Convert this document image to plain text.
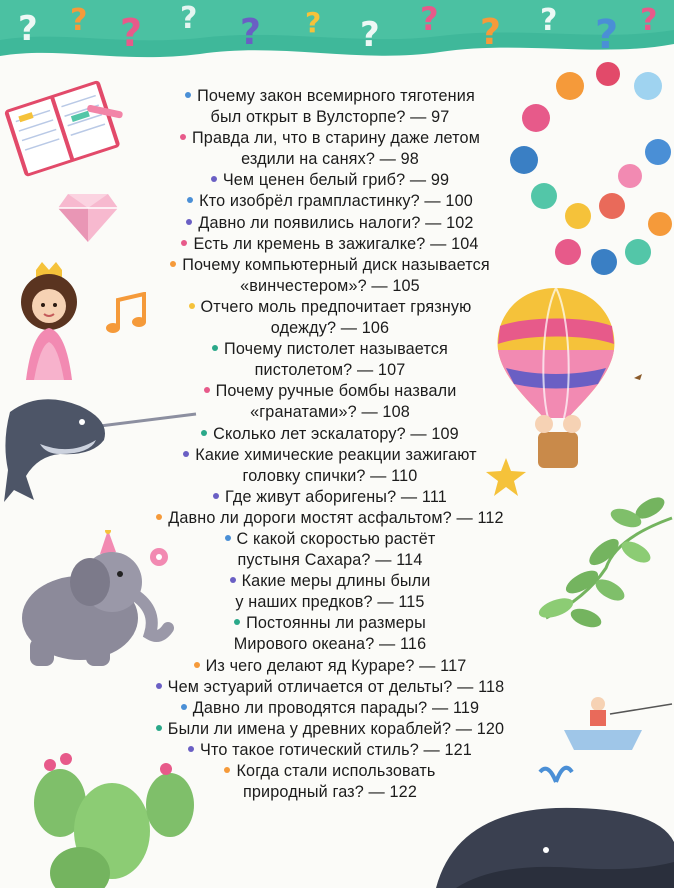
? ? ? ? ? ? ? ? ? ? ? ?
Почему закон всемирного тяготения
был открыт в Вулсторпе? — 97
Правда ли, что в старину даже летом
ездили на санях? — 98
Чем ценен белый гриб? — 99
Кто изобрёл грампластинку? — 100
Давно ли появились налоги? — 102
Есть ли кремень в зажигалке? — 104
Почему компьютерный диск называется
«винчестером»? — 105
Отчего моль предпочитает грязную
одежду? — 106
Почему пистолет называется
пистолетом? — 107
Почему ручные бомбы назвали
«гранатами»? — 108
Сколько лет эскалатору? — 109
Какие химические реакции зажигают
головку спички? — 110
Где живут аборигены? — 111
Давно ли дороги мостят асфальтом? — 112
С какой скоростью растёт
пустыня Сахара? — 114
Какие меры длины были
у наших предков? — 115
Постоянны ли размеры
Мирового океана? — 116
Из чего делают яд Кураре? — 117
Чем эстуарий отличается от дельты? — 118
Давно ли проводятся парады? — 119
Были ли имена у древних кораблей? — 120
Что такое готический стиль? — 121
Когда стали использовать
природный газ? — 122
